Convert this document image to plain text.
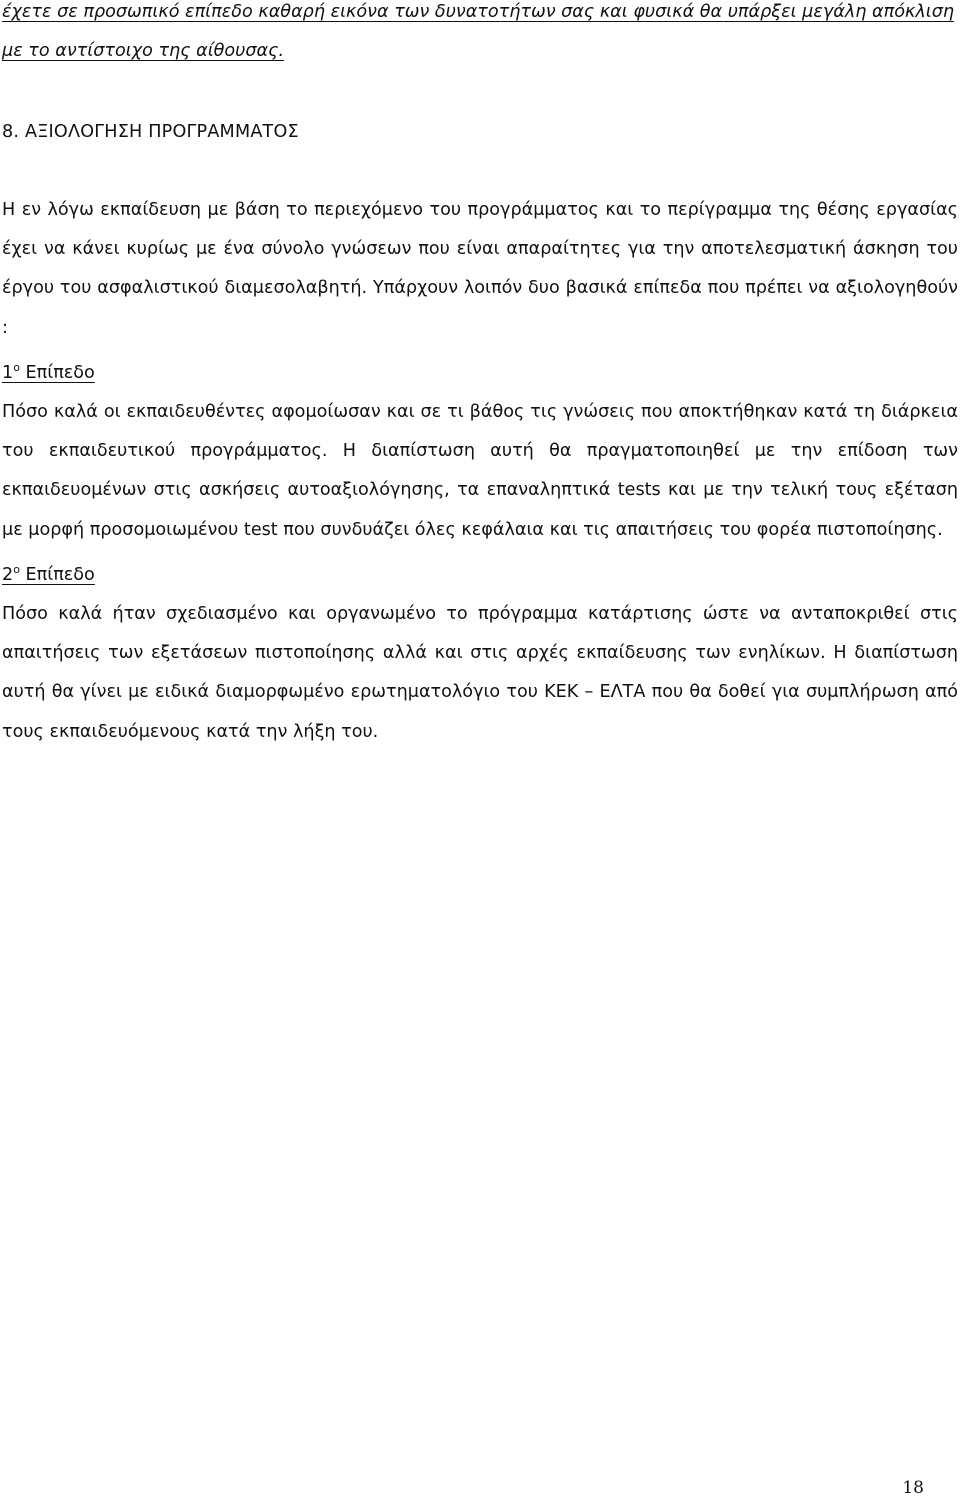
έχετε σε προσωπικό επίπεδο καθαρή εικόνα των δυνατοτήτων σας και φυσικά θα υπάρξει μεγάλη απόκλιση με το αντίστοιχο της αίθουσας.

8. ΑΞΙΟΛΟΓΗΣΗ ΠΡΟΓΡΑΜΜΑΤΟΣ
Η εν λόγω εκπαίδευση με βάση το περιεχόμενο του προγράμματος και το περίγραμμα της θέσης εργασίας έχει να κάνει κυρίως με ένα σύνολο γνώσεων που είναι απαραίτητες για την αποτελεσματική άσκηση του έργου του ασφαλιστικού διαμεσολαβητή. Υπάρχουν λοιπόν δυο βασικά επίπεδα που πρέπει να αξιολογηθούν :
$1^o$ Επίπεδο
Πόσο καλά οι εκπαιδευθέντες αφομοίωσαν και σε τι βάθος τις γνώσεις που αποκτήθηκαν κατά τη διάρκεια του εκπαιδευτικού προγράμματος. Η διαπίστωση αυτή θα πραγματοποιηθεί με την επίδοση των εκπαιδευομένων στις ασκήσεις αυτοαξιολόγησης, τα επαναληπτικά tests και με την τελική τους εξέταση με μορφή προσομοιωμένου test που συνδυάζει όλες κεφάλαια και τις απαιτήσεις του φορέα πιστοποίησης.
$2^o$ Επίπεδο
Πόσο καλά ήταν σχεδιασμένο και οργανωμένο το πρόγραμμα κατάρτισης ώστε να ανταποκριθεί στις απαιτήσεις των εξετάσεων πιστοποίησης αλλά και στις αρχές εκπαίδευσης των ενηλίκων. Η διαπίστωση αυτή θα γίνει με ειδικά διαμορφωμένο ερωτηματολόγιο του ΚΕΚ – ΕΛΤΑ που θα δοθεί για συμπλήρωση από τους εκπαιδευόμενους κατά την λήξη του.

18
